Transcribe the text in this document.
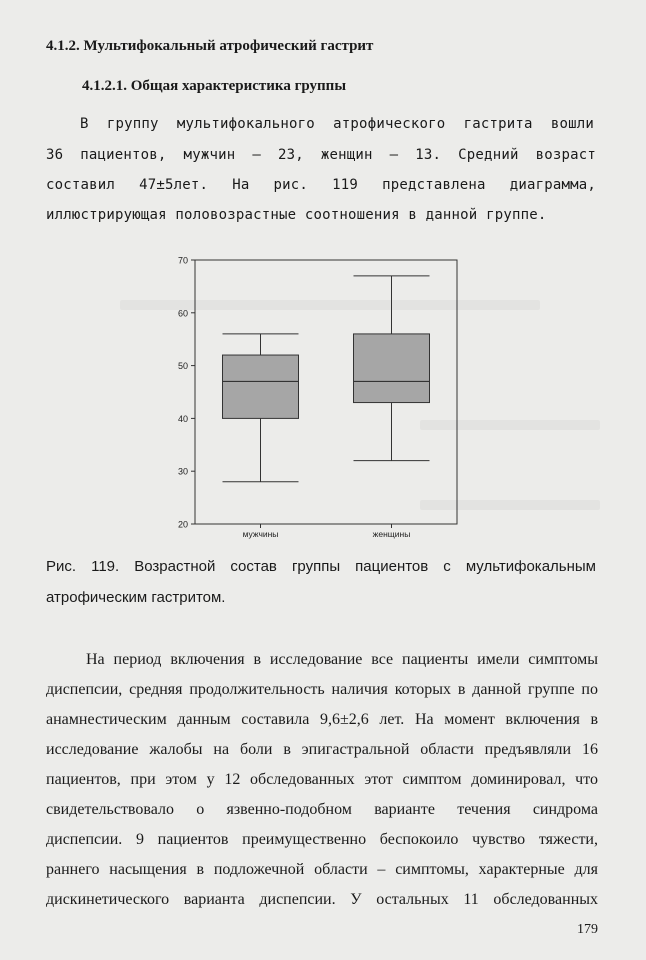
4.1.2. Мультифокальный атрофический гастрит
4.1.2.1. Общая характеристика группы
В группу мультифокального атрофического гастрита вошли
36 пациентов, мужчин – 23, женщин – 13. Средний возраст
составил 47±5лет. На рис. 119 представлена диаграмма,
иллюстрирующая половозрастные соотношения в данной группе.
20
30
40
50
60
70
мужчины	женщины
Рис. 119. Возрастной состав группы пациентов с мультифокальным
атрофическим гастритом.
На период включения в исследование все пациенты имели симптомы
диспепсии, средняя продолжительность наличия которых в данной группе по
анамнестическим данным составила 9,6±2,6 лет. На момент включения в
исследование жалобы на боли в эпигастральной области предъявляли 16
пациентов, при этом у 12 обследованных этот симптом доминировал, что
свидетельствовало о язвенно-подобном варианте течения синдрома
диспепсии. 9 пациентов преимущественно беспокоило чувство тяжести,
раннего насыщения в подложечной области – симптомы, характерные для
дискинетического варианта диспепсии. У остальных 11 обследованных
179
